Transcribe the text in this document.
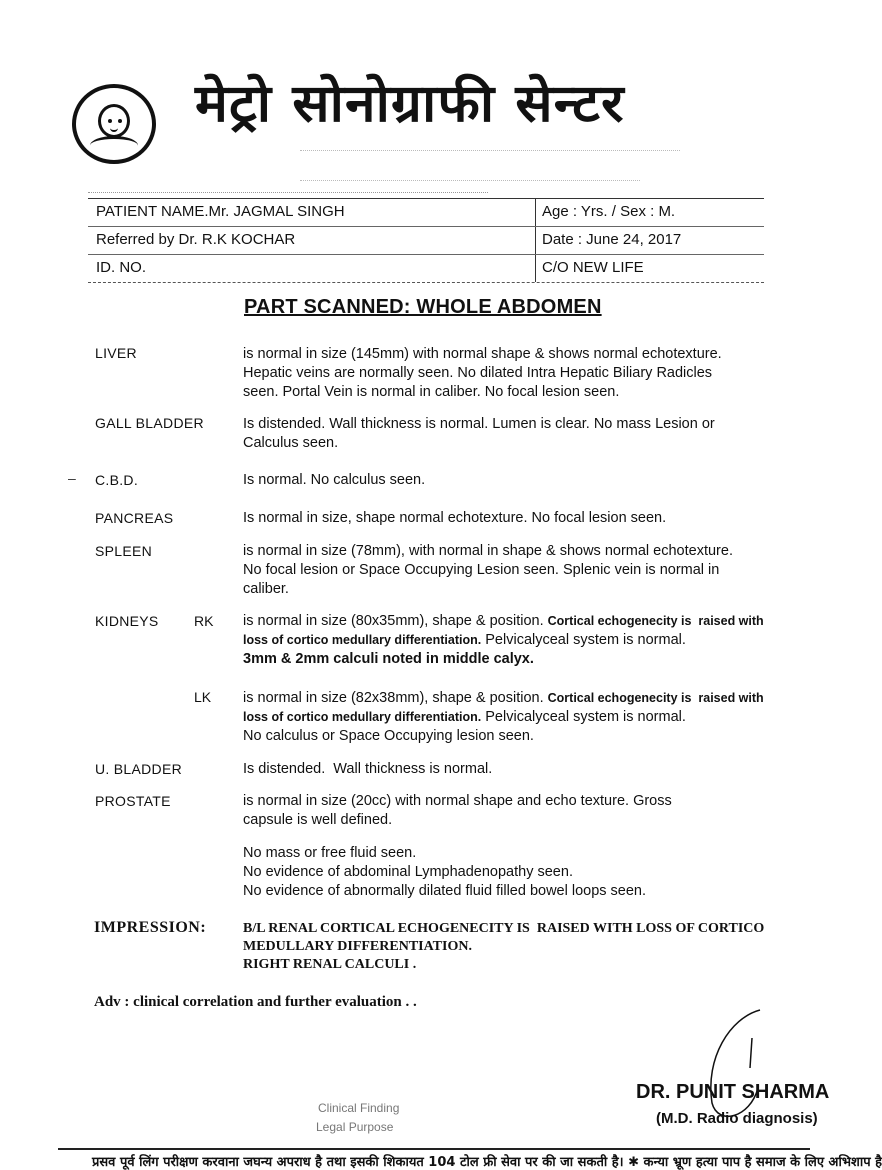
मेट्रो सोनोग्राफी सेन्टर
PATIENT NAME.Mr. JAGMAL SINGH	Age : Yrs. / Sex : M.
Referred by Dr. R.K KOCHAR	Date : June 24, 2017
ID. NO.	C/O NEW LIFE
PART SCANNED: WHOLE ABDOMEN
LIVER	is normal in size (145mm) with normal shape & shows normal echotexture.
Hepatic veins are normally seen. No dilated Intra Hepatic Biliary Radicles
seen. Portal Vein is normal in caliber. No focal lesion seen.
GALL BLADDER	Is distended. Wall thickness is normal. Lumen is clear. No mass Lesion or
Calculus seen.
– C.B.D.	Is normal. No calculus seen.
PANCREAS	Is normal in size, shape normal echotexture. No focal lesion seen.
SPLEEN	is normal in size (78mm), with normal in shape & shows normal echotexture.
No focal lesion or Space Occupying Lesion seen. Splenic vein is normal in
caliber.
KIDNEYS	RK is normal in size (80x35mm), shape & position. Cortical echogenecity is  raised with
loss of cortico medullary differentiation. Pelvicalyceal system is normal.
3mm & 2mm calculi noted in middle calyx.
LK is normal in size (82x38mm), shape & position. Cortical echogenecity is  raised with
loss of cortico medullary differentiation. Pelvicalyceal system is normal.
No calculus or Space Occupying lesion seen.
U. BLADDER	Is distended.  Wall thickness is normal.
PROSTATE	is normal in size (20cc) with normal shape and echo texture. Gross
capsule is well defined.
No mass or free fluid seen.
No evidence of abdominal Lymphadenopathy seen.
No evidence of abnormally dilated fluid filled bowel loops seen.
IMPRESSION:	B/L RENAL CORTICAL ECHOGENECITY IS  RAISED WITH LOSS OF CORTICO
MEDULLARY DIFFERENTIATION.
RIGHT RENAL CALCULI .
Adv : clinical correlation and further evaluation . .
DR. PUNIT SHARMA
(M.D. Radio diagnosis)
Clinical Finding
Legal Purpose
प्रसव पूर्व लिंग परीक्षण करवाना जघन्य अपराध है तथा इसकी शिकायत 104 टोल फ्री सेवा पर की जा सकती है। ✱ कन्या भ्रूण हत्या पाप है समाज के लिए अभिशाप है
